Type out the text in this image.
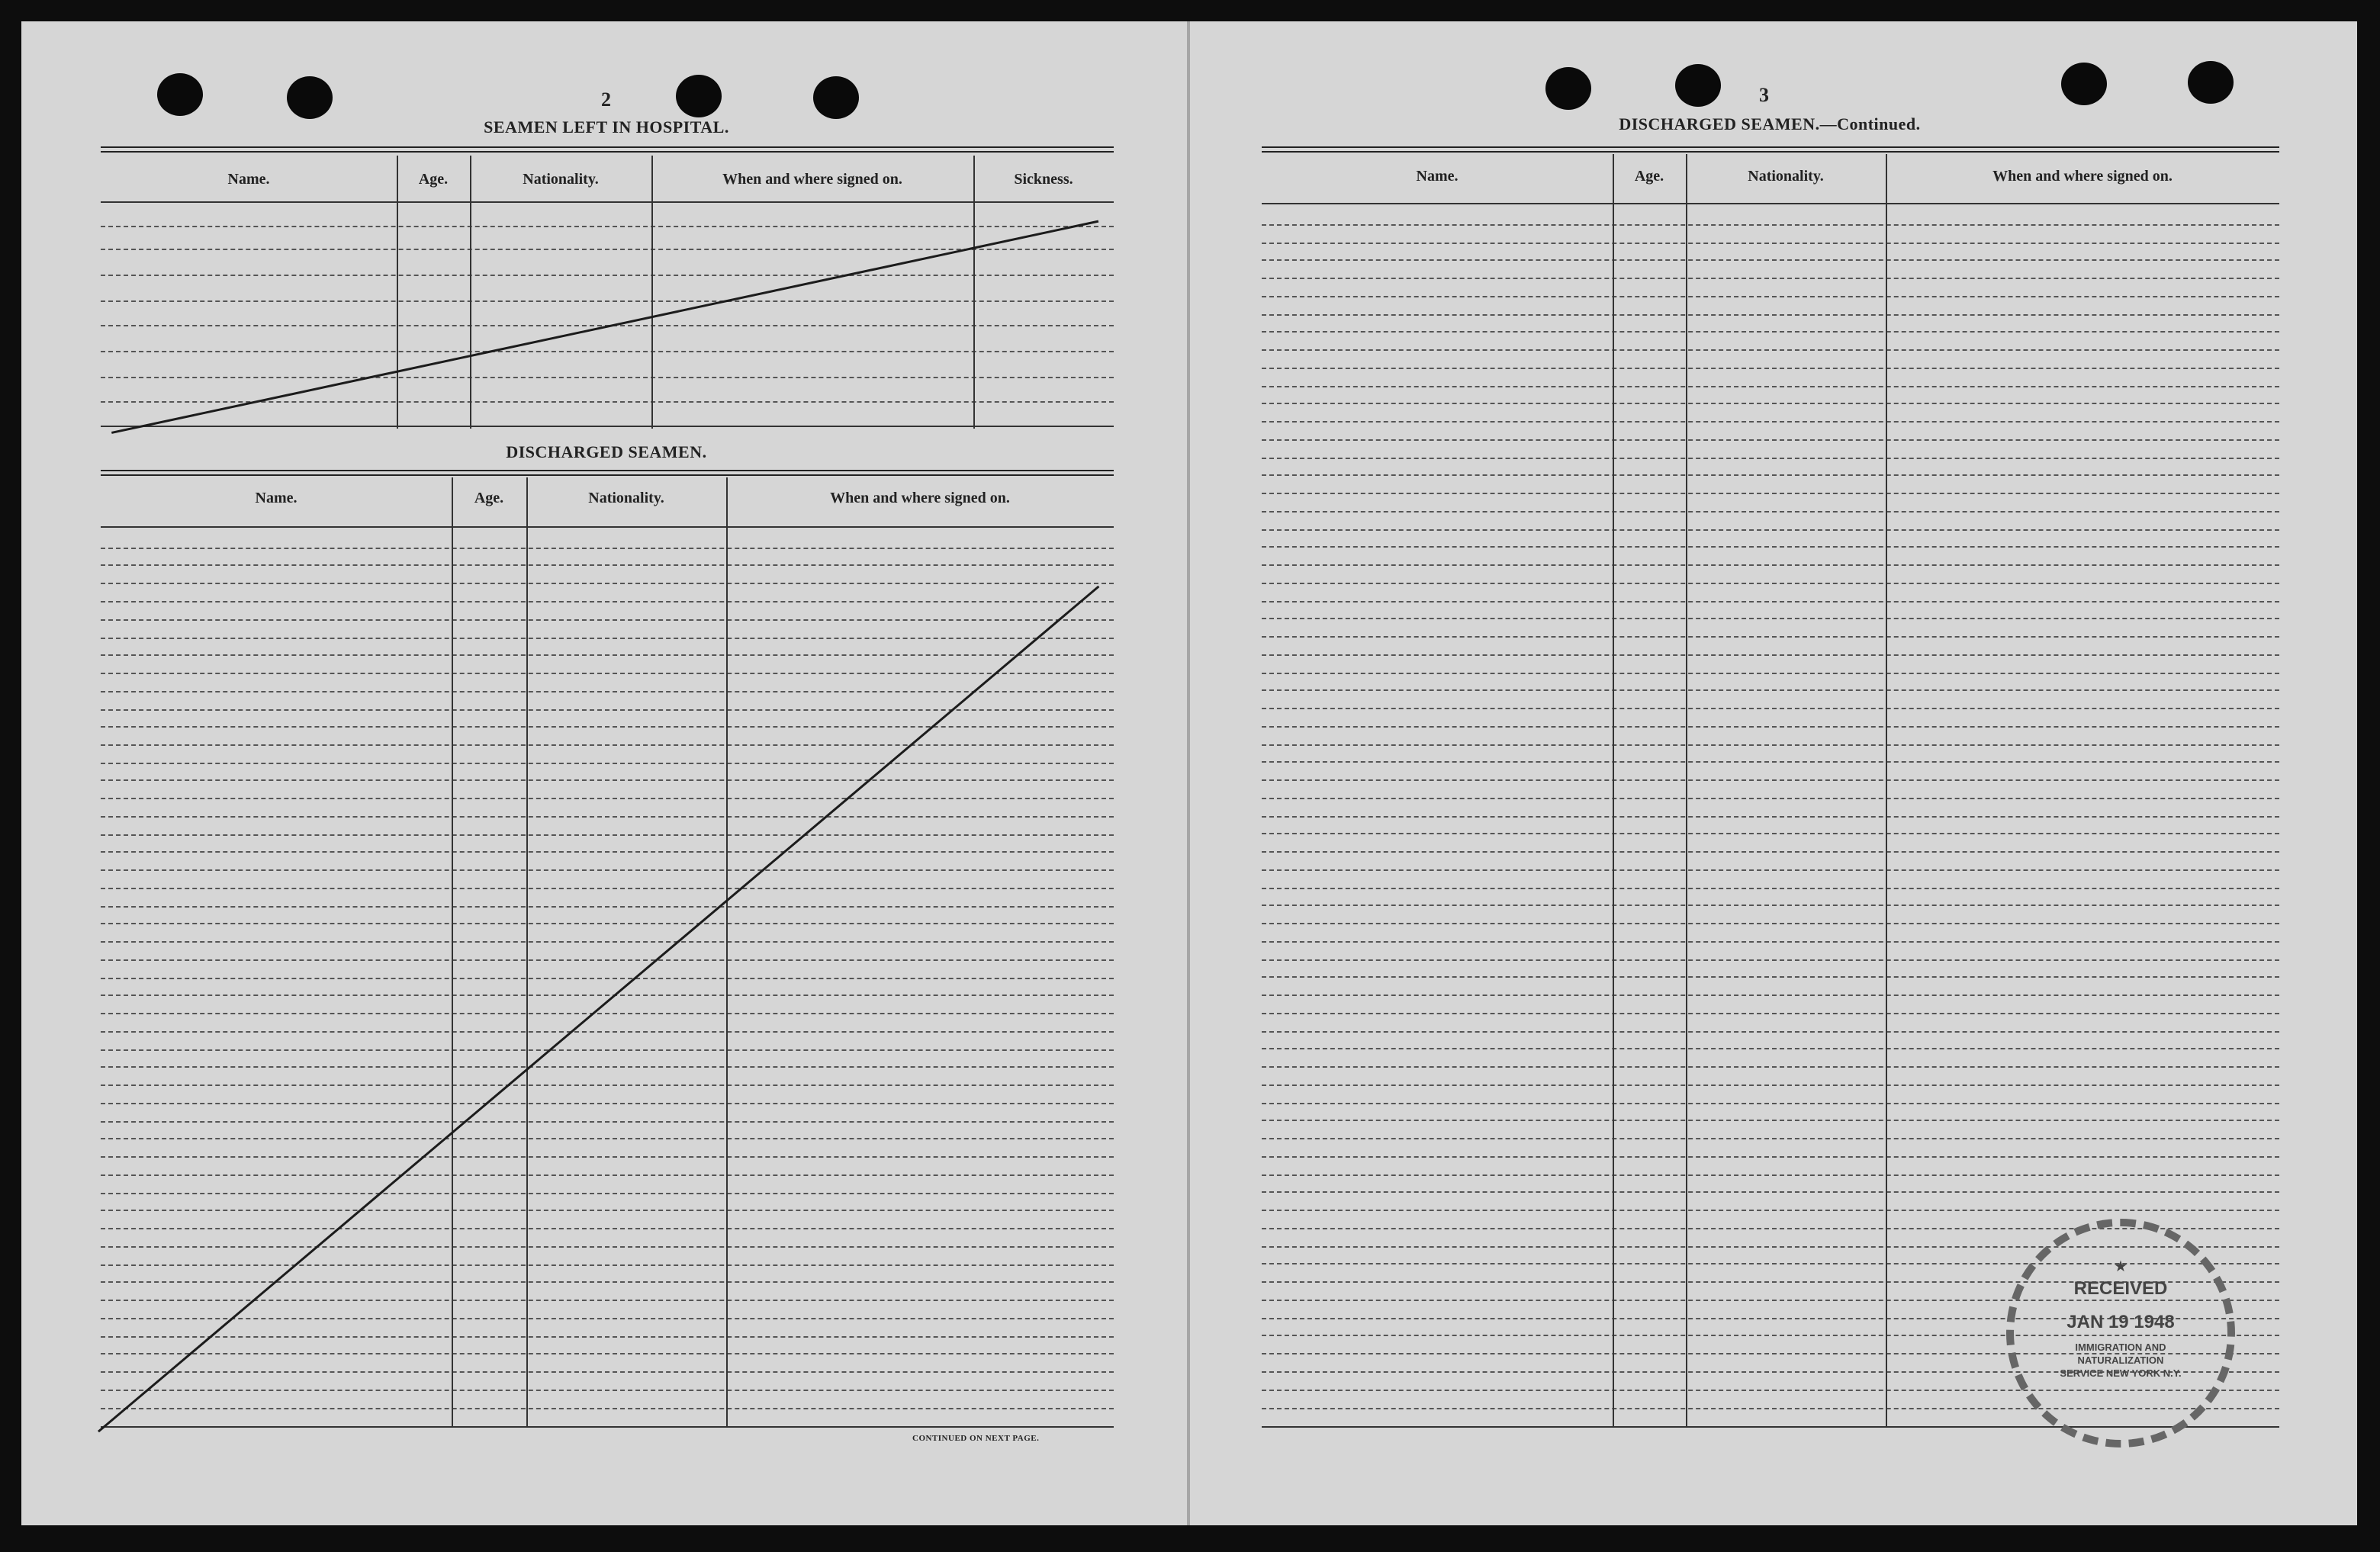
2
SEAMEN LEFT IN HOSPITAL.
Name.	Age.	Nationality.	When and where signed on.	Sickness.
DISCHARGED SEAMEN.
Name.	Age.	Nationality.	When and where signed on.
CONTINUED ON NEXT PAGE.
3
DISCHARGED SEAMEN.—Continued.
Name.	Age.	Nationality.	When and where signed on.
★
RECEIVED
JAN 19 1948
IMMIGRATION AND NATURALIZATION SERVICE NEW YORK N.Y.
